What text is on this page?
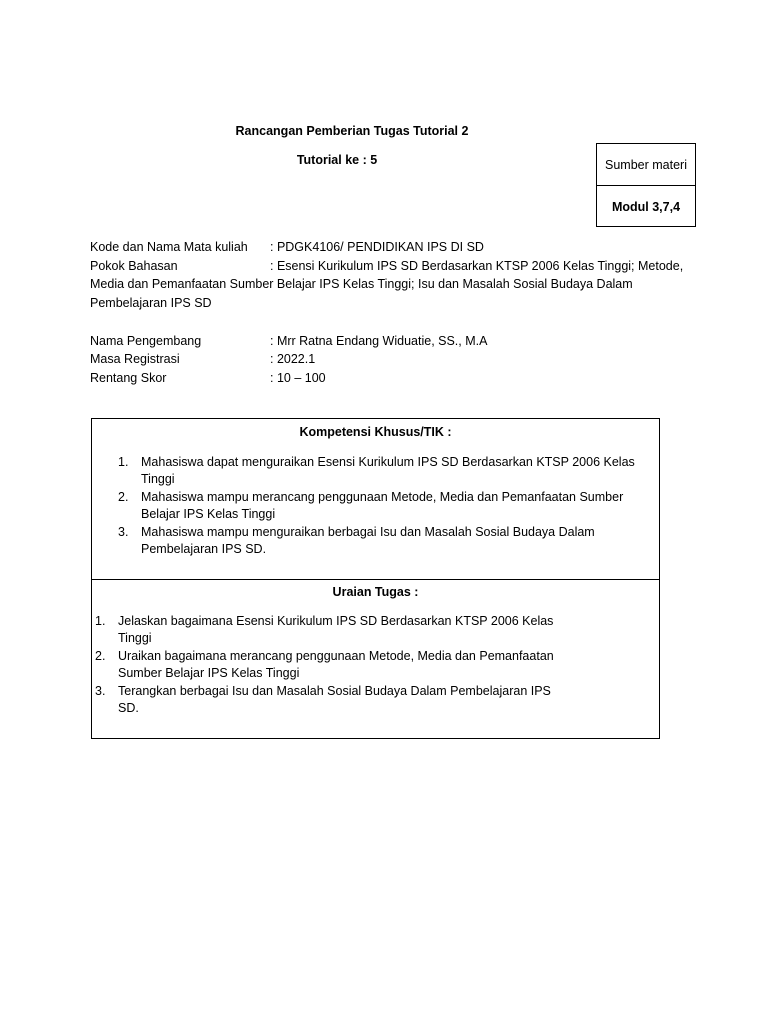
Rancangan Pemberian Tugas Tutorial 2
Tutorial ke : 5	Sumber materi
Modul 3,7,4
Kode dan Nama Mata kuliah : PDGK4106/ PENDIDIKAN IPS DI SD
Pokok Bahasan	: Esensi Kurikulum IPS SD Berdasarkan KTSP 2006 Kelas Tinggi; Metode,
Media dan Pemanfaatan Sumber Belajar IPS Kelas Tinggi; Isu dan Masalah Sosial Budaya Dalam
Pembelajaran IPS SD
Nama Pengembang	: Mrr Ratna Endang Widuatie, SS., M.A
Masa Registrasi	: 2022.1
Rentang Skor	: 10 – 100
Kompetensi Khusus/TIK :
1. Mahasiswa dapat menguraikan Esensi Kurikulum IPS SD Berdasarkan KTSP 2006 Kelas
Tinggi
2. Mahasiswa mampu merancang penggunaan Metode, Media dan Pemanfaatan Sumber
Belajar IPS Kelas Tinggi
3. Mahasiswa mampu menguraikan berbagai Isu dan Masalah Sosial Budaya Dalam
Pembelajaran IPS SD.
Uraian Tugas :
1. Jelaskan bagaimana Esensi Kurikulum IPS SD Berdasarkan KTSP 2006 Kelas
Tinggi
2. Uraikan bagaimana merancang penggunaan Metode, Media dan Pemanfaatan
Sumber Belajar IPS Kelas Tinggi
3. Terangkan berbagai Isu dan Masalah Sosial Budaya Dalam Pembelajaran IPS
SD.
